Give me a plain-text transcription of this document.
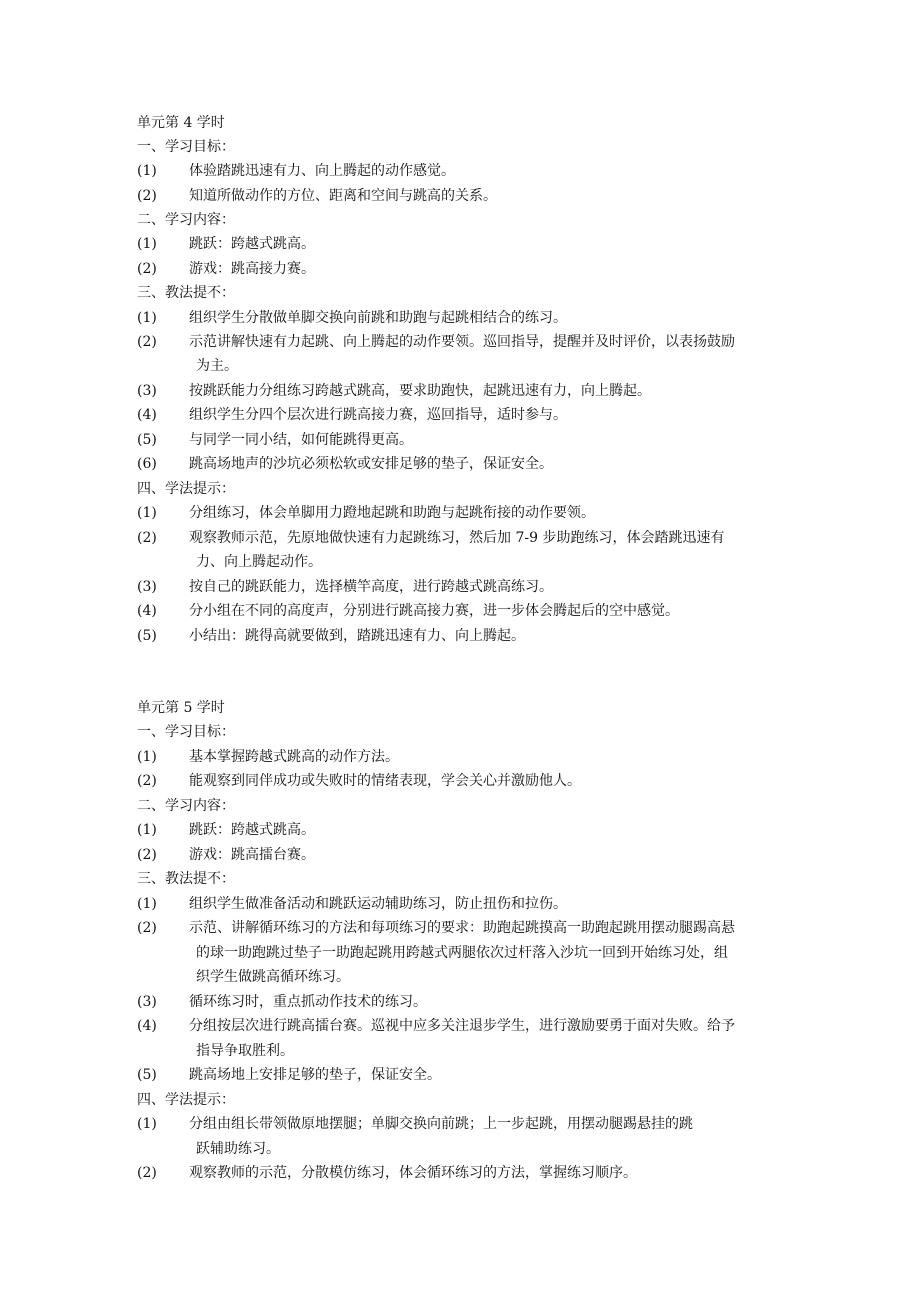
单元第 4 学时
一、学习目标：
(1) 体验踏跳迅速有力、向上腾起的动作感觉。
(2) 知道所做动作的方位、距离和空间与跳高的关系。
二、学习内容：
(1) 跳跃：跨越式跳高。
(2) 游戏：跳高接力赛。
三、教法提不：
(1) 组织学生分散做单脚交换向前跳和助跑与起跳相结合的练习。
(2) 示范讲解快速有力起跳、向上腾起的动作要领。巡回指导，提醒并及时评价，以表扬鼓励
为主。
(3) 按跳跃能力分组练习跨越式跳高，要求助跑快，起跳迅速有力，向上腾起。
(4) 组织学生分四个层次进行跳高接力赛，巡回指导，适时参与。
(5) 与同学一同小结，如何能跳得更高。
(6) 跳高场地声的沙坑必须松软或安排足够的垫子，保证安全。
四、学法提示：
(1) 分组练习，体会单脚用力蹬地起跳和助跑与起跳衔接的动作要领。
(2) 观察教师示范，先原地做快速有力起跳练习，然后加 7-9 步助跑练习，体会踏跳迅速有
力、向上腾起动作。
(3) 按自己的跳跃能力，选择横竿高度，进行跨越式跳高练习。
(4) 分小组在不同的高度声，分别进行跳高接力赛，进一步体会腾起后的空中感觉。
(5) 小结出：跳得高就要做到，踏跳迅速有力、向上腾起。
单元第 5 学时
一、学习目标：
(1) 基本掌握跨越式跳高的动作方法。
(2) 能观察到同伴成功或失败时的情绪表现，学会关心并激励他人。
二、学习内容：
(1) 跳跃：跨越式跳高。
(2) 游戏：跳高擂台赛。
三、教法提不：
(1) 组织学生做准备活动和跳跃运动辅助练习，防止扭伤和拉伤。
(2) 示范、讲解循环练习的方法和每项练习的要求：助跑起跳摸高一助跑起跳用摆动腿踢高悬
的球一助跑跳过垫子一助跑起跳用跨越式两腿依次过杆落入沙坑一回到开始练习处，组
织学生做跳高循环练习。
(3) 循环练习时，重点抓动作技术的练习。
(4) 分组按层次进行跳高擂台赛。巡视中应多关注退步学生，进行激励要勇于面对失败。给予
指导争取胜利。
(5) 跳高场地上安排足够的垫子，保证安全。
四、学法提示：
(1) 分组由组长带领做原地摆腿；单脚交换向前跳；上一步起跳，用摆动腿踢悬挂的跳
跃辅助练习。
(2) 观察教师的示范，分散模仿练习，体会循环练习的方法，掌握练习顺序。
